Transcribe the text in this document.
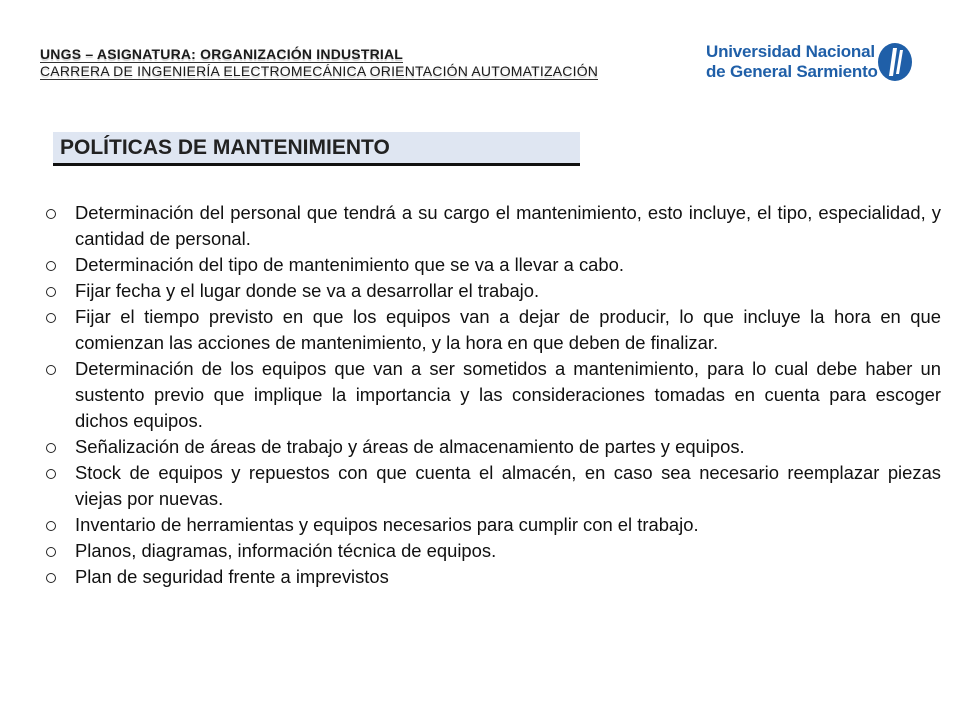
UNGS – ASIGNATURA: ORGANIZACIÓN INDUSTRIAL
CARRERA DE INGENIERÍA ELECTROMECÁNICA ORIENTACIÓN AUTOMATIZACIÓN
Universidad Nacional
de General Sarmiento
POLÍTICAS DE MANTENIMIENTO
Determinación del personal que tendrá a su cargo el mantenimiento, esto incluye, el tipo, especialidad, y cantidad de personal.
Determinación del tipo de mantenimiento que se va a llevar a cabo.
Fijar fecha y el lugar donde se va a desarrollar el trabajo.
Fijar el tiempo previsto en que los equipos van a dejar de producir, lo que incluye la hora en que comienzan las acciones de mantenimiento, y la hora en que deben de finalizar.
Determinación de los equipos que van a ser sometidos a mantenimiento, para lo cual debe haber un sustento previo que implique la importancia y las consideraciones tomadas en cuenta para escoger dichos equipos.
Señalización de áreas de trabajo y áreas de almacenamiento de partes y equipos.
Stock de equipos y repuestos con que cuenta el almacén, en caso sea necesario reemplazar piezas viejas por nuevas.
Inventario de herramientas y equipos necesarios para cumplir con el trabajo.
Planos, diagramas, información técnica de equipos.
Plan de seguridad frente a imprevistos
